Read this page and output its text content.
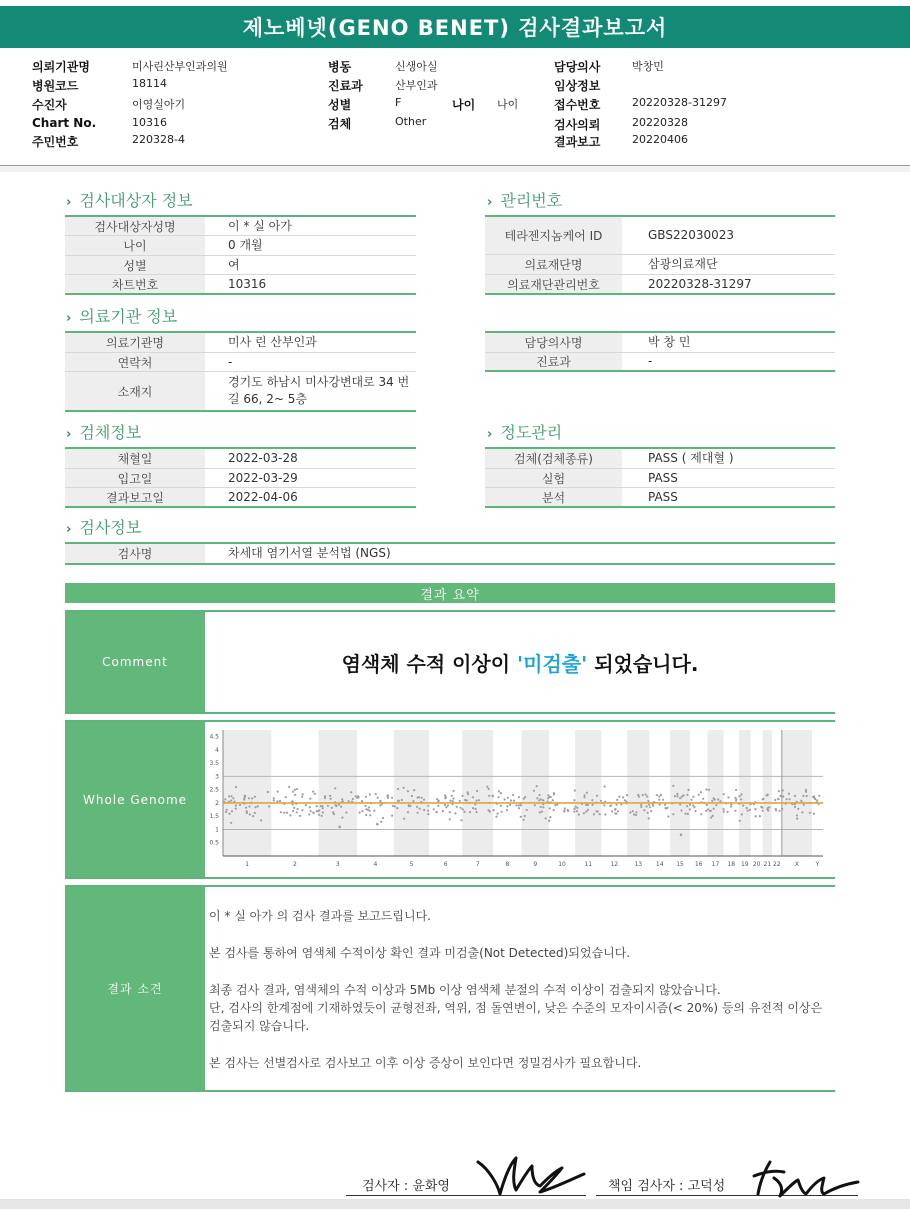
제노베넷(GENO BENET) 검사결과보고서
의뢰기관명	미사린산부인과의원
병원코드	18114
수진자	이영실아기
Chart No.	10316
주민번호	220328-4
병동	신생아실
진료과	산부인과
성별	F	나이 나이
검체	Other
담당의사	박창민
임상정보
접수번호	20220328-31297
검사의뢰	20220328
결과보고	20220406
› 검사대상자 정보
검사대상자성명	이 * 실 아가
나이	0 개월
성별	여
차트번호	10316
› 관리번호
테라젠지놈케어 ID	GBS22030023
의료재단명	삼광의료재단
의료재단관리번호	20220328-31297
› 의료기관 정보
의료기관명	미사 린 산부인과
연락처	-
소재지
경기도 하남시 미사강변대로 34 번길 66, 2~ 5층
담당의사명	박 창 민
진료과	-
› 검체정보
채혈일	2022-03-28
입고일	2022-03-29
결과보고일	2022-04-06
› 정도관리
검체(검체종류)	PASS ( 제대혈 )
실험	PASS
분석	PASS
› 검사정보
검사명	차세대 염기서열 분석법 (NGS)
결과 요약
Comment	염색체 수적 이상이 '미검출' 되었습니다.
Whole Genome
4.5
4
3.5
3
2.5
2
1.5
1
0.5
1	2	3	4	5	6	7	8	9	10	11	12	13 14 15 16 17 18 19 20 21 22 X	Y
결과 소견

이 * 실 아가 의 검사 결과를 보고드립니다.

본 검사를 통하여 염색체 수적이상 확인 결과 미검출(Not Detected)되었습니다.

최종 검사 결과, 염색체의 수적 이상과 5Mb 이상 염색체 분절의 수적 이상이 검출되지 않았습니다.

단, 검사의 한계점에 기재하였듯이 균형전좌, 역위, 점 돌연변이, 낮은 수준의 모자이시즘(< 20%) 등의 유전적 이상은 검출되지 않습니다.

본 검사는 선별검사로 검사보고 이후 이상 증상이 보인다면 정밀검사가 필요합니다.

검사자 : 윤화영	책임 검사자 : 고덕성
